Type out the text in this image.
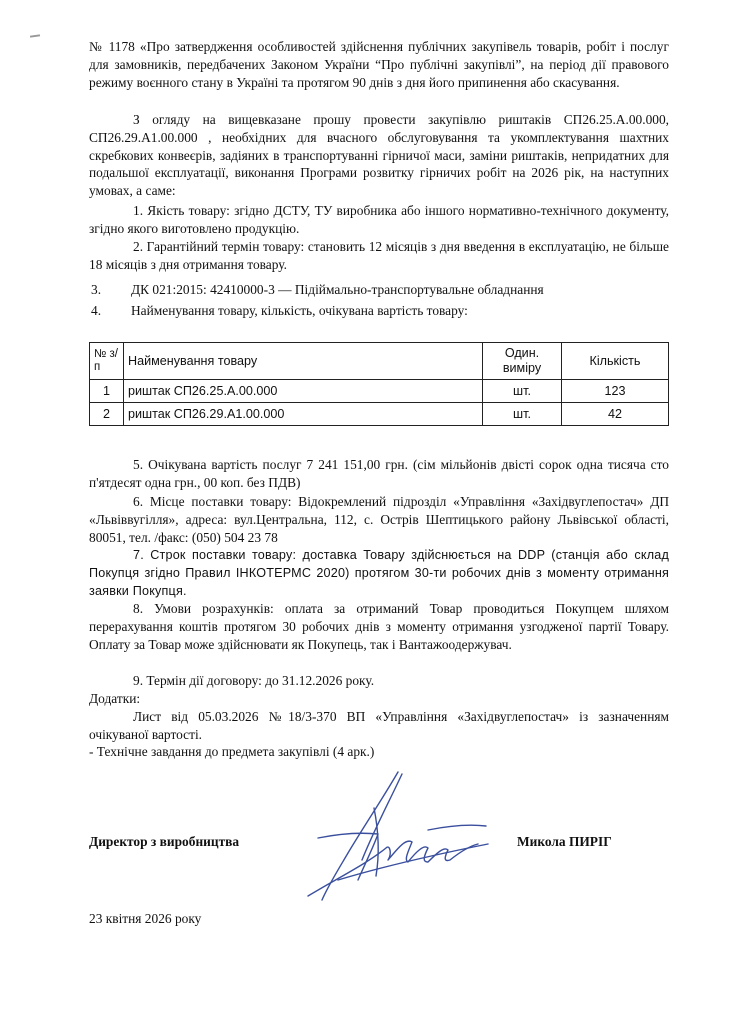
№ 1178 «Про затвердження особливостей здійснення публічних закупівель товарів, робіт і послуг для замовників, передбачених Законом України “Про публічні закупівлі”, на період дії правового режиму воєнного стану в Україні та протягом 90 днів з дня його припинення або скасування.

З огляду на вищевказане прошу провести закупівлю риштаків СП26.25.А.00.000, СП26.29.А1.00.000 , необхідних для вчасного обслуговування та укомплектування шахтних скребкових конвеєрів, задіяних в транспортуванні гірничої маси, заміни риштаків, непридатних для подальшої експлуатації, виконання Програми розвитку гірничих робіт на 2026 рік, на наступних умовах, а саме:

1. Якість товару: згідно ДСТУ, ТУ виробника або іншого нормативно-технічного документу, згідно якого виготовлено продукцію.

2. Гарантійний термін товару: становить 12 місяців з дня введення в експлуатацію, не більше 18 місяців з дня отримання товару.

3. ДК 021:2015: 42410000-3 — Підіймально-транспортувальне обладнання
4. Найменування товару, кількість, очікувана вартість товару:
№ з/п	Найменування товару	Один. виміру	Кількість
1	риштак СП26.25.А.00.000	шт.	123
2	риштак СП26.29.А1.00.000	шт.	42

5. Очікувана вартість послуг 7 241 151,00 грн. (сім мільйонів двісті сорок одна тисяча сто п'ятдесят одна грн., 00 коп. без ПДВ)

6. Місце поставки товару: Відокремлений підрозділ «Управління «Західвуглепостач» ДП «Львіввугілля», адреса: вул.Центральна, 112, с. Острів Шептицького району Львівської області, 80051, тел. /факс: (050) 504 23 78

7. Строк поставки товару: доставка Товару здійснюється на DDP (станція або склад Покупця згідно Правил ІНКОТЕРМС 2020) протягом 30-ти робочих днів з моменту отримання заявки Покупця.

8. Умови розрахунків: оплата за отриманий Товар проводиться Покупцем шляхом перерахування коштів протягом 30 робочих днів з моменту отримання узгодженої партії Товару. Оплату за Товар може здійснювати як Покупець, так і Вантажоодержувач.

9. Термін дії договору: до 31.12.2026 року.

Додатки:

Лист від 05.03.2026 №18/3-370 ВП «Управління «Західвуглепостач» із зазначенням очікуваної вартості.

- Технічне завдання до предмета закупівлі (4 арк.)

Директор з виробництва	Микола ПИРІГ
23 квітня 2026 року
